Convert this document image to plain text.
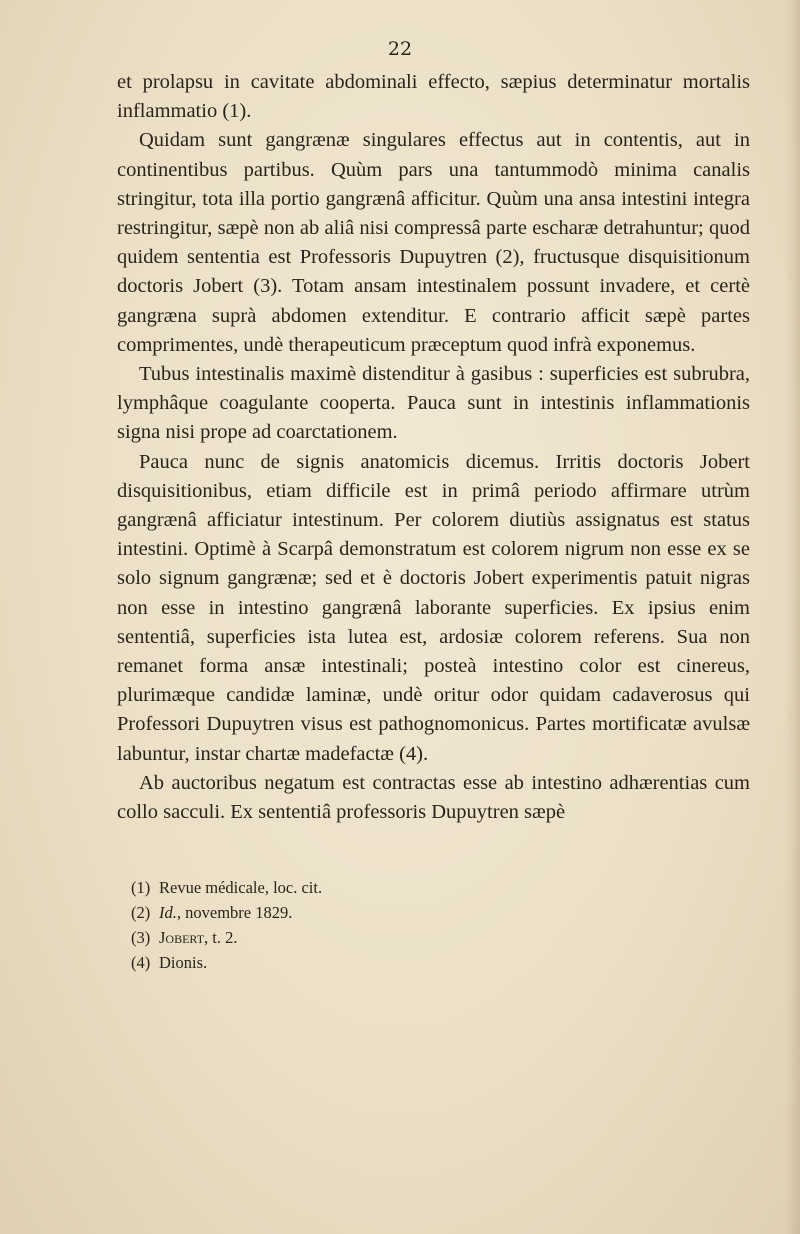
22

et prolapsu in cavitate abdominali effecto, sæpius determinatur mortalis inflammatio (1).

Quidam sunt gangrænæ singulares effectus aut in contentis, aut in continentibus partibus. Quùm pars una tantummodò minima canalis stringitur, tota illa portio gangrænâ afficitur. Quùm una ansa intestini integra restringitur, sæpè non ab aliâ nisi compressâ parte escharæ detrahuntur; quod quidem sententia est Professoris Dupuytren (2), fructusque disquisitionum doctoris Jobert (3). Totam ansam intestinalem possunt invadere, et certè gangræna suprà abdomen extenditur. E contrario afficit sæpè partes comprimentes, undè therapeuticum præceptum quod infrà exponemus.

Tubus intestinalis maximè distenditur à gasibus : superficies est subrubra, lymphâque coagulante cooperta. Pauca sunt in intestinis inflammationis signa nisi prope ad coarctationem.

Pauca nunc de signis anatomicis dicemus. Irritis doctoris Jobert disquisitionibus, etiam difficile est in primâ periodo affirmare utrùm gangrænâ afficiatur intestinum. Per colorem diutiùs assignatus est status intestini. Optimè à Scarpâ demonstratum est colorem nigrum non esse ex se solo signum gangrænæ; sed et è doctoris Jobert experimentis patuit nigras non esse in intestino gangrænâ laborante superficies. Ex ipsius enim sententiâ, superficies ista lutea est, ardosiæ colorem referens. Sua non remanet forma ansæ intestinali; posteà intestino color est cinereus, plurimæque candidæ laminæ, undè oritur odor quidam cadaverosus qui Professori Dupuytren visus est pathognomonicus. Partes mortificatæ avulsæ labuntur, instar chartæ madefactæ (4).

Ab auctoribus negatum est contractas esse ab intestino adhærentias cum collo sacculi. Ex sententiâ professoris Dupuytren sæpè

(1) Revue médicale, loc. cit.

(2) Id., novembre 1829.

(3) Jobert, t. 2.

(4) Dionis.
